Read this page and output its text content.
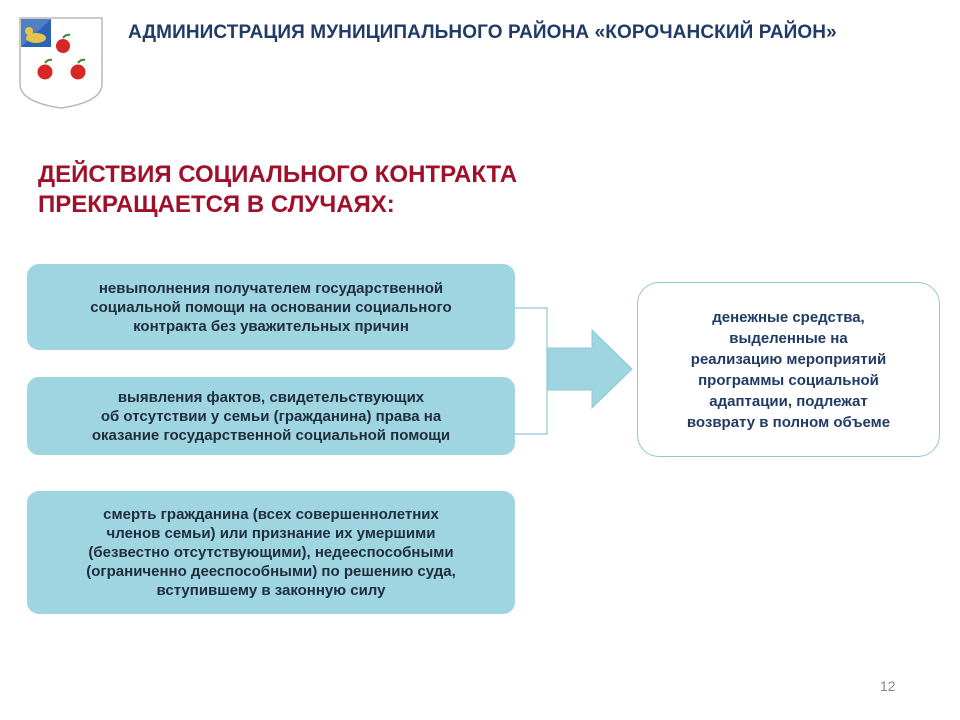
АДМИНИСТРАЦИЯ МУНИЦИПАЛЬНОГО РАЙОНА «КОРОЧАНСКИЙ РАЙОН»
ДЕЙСТВИЯ СОЦИАЛЬНОГО КОНТРАКТА
ПРЕКРАЩАЕТСЯ В СЛУЧАЯХ:
невыполнения получателем государственной
социальной помощи на основании социального
контракта без уважительных причин
выявления фактов, свидетельствующих
об отсутствии у семьи (гражданина) права на
оказание государственной социальной помощи
смерть гражданина (всех совершеннолетних
членов семьи) или признание их умершими
(безвестно отсутствующими), недееспособными
(ограниченно дееспособными) по решению суда,
вступившему в законную силу
денежные средства,
выделенные на
реализацию мероприятий
программы социальной
адаптации, подлежат
возврату в полном объеме
12
